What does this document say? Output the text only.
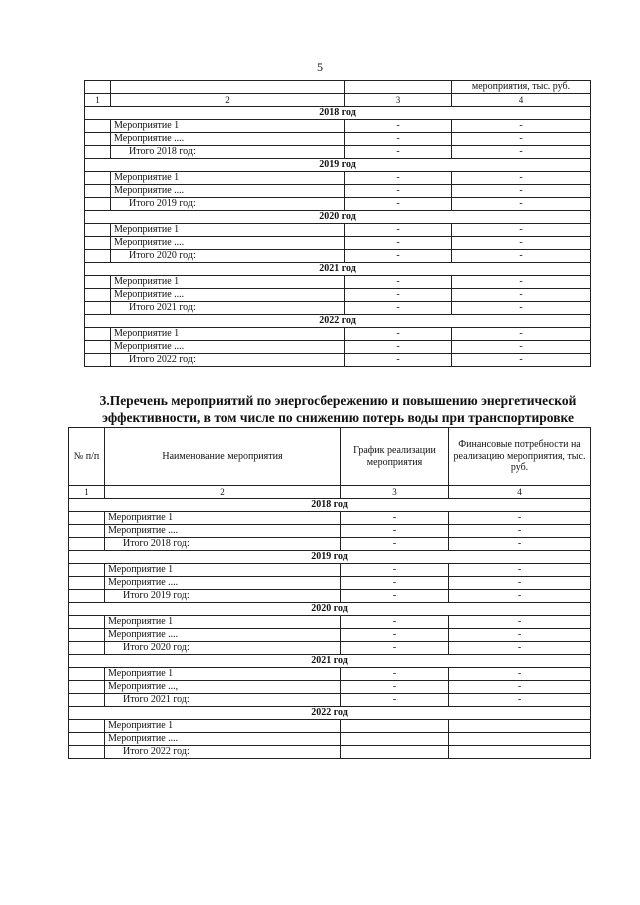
5
			мероприятия, тыс. руб.
1	2	3	4
2018 год			
	Мероприятие 1	-	-
	Мероприятие ....	-	-
	Итого 2018 год:	-	-
2019 год			
	Мероприятие 1	-	-
	Мероприятие ....	-	-
	Итого 2019 год:	-	-
2020 год			
	Мероприятие 1	-	-
	Мероприятие ....	-	-
	Итого 2020 год:	-	-
2021 год			
	Мероприятие 1	-	-
	Мероприятие ....	-	-
	Итого 2021 год:	-	-
2022 год			
	Мероприятие 1	-	-
	Мероприятие ....	-	-
	Итого 2022 год:	-	-
3.Перечень мероприятий по энергосбережению и повышению энергетической эффективности, в том числе по снижению потерь воды при транспортировке
№ п/п	Наименование мероприятия	График реализации мероприятия	Финансовые потребности на реализацию мероприятия, тыс. руб.
1	2	3	4
2018 год			
	Мероприятие 1	-	-
	Мероприятие ....	-	-
	Итого 2018 год:	-	-
2019 год			
	Мероприятие 1	-	-
	Мероприятие ....	-	-
	Итого 2019 год:	-	-
2020 год			
	Мероприятие 1	-	-
	Мероприятие ....	-	-
	Итого 2020 год:	-	-
2021 год			
	Мероприятие 1	-	-
	Мероприятие ...,	-	-
	Итого 2021 год:	-	-
2022 год			
	Мероприятие 1		
	Мероприятие ....		
	Итого 2022 год:		
